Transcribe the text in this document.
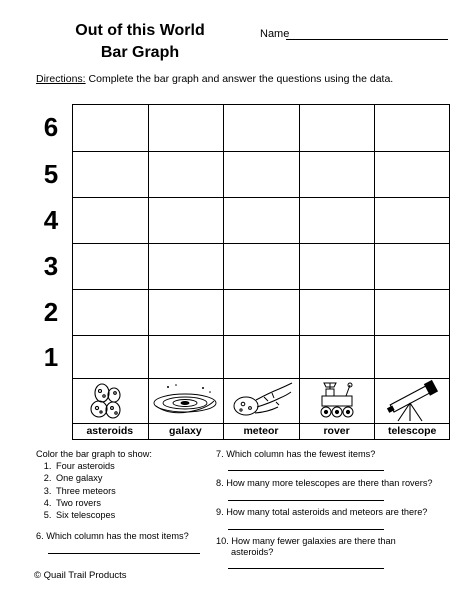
Out of this World
Bar Graph
Name
Directions: Complete the bar graph and answer the questions using the data.
6
5
4
3
2
1
asteroids	galaxy	meteor	rover	telescope
Color the bar graph to show:
1. Four asteroids
2. One galaxy
3. Three meteors
4. Two rovers
5. Six telescopes
6. Which column has the most items?
7. Which column has the fewest items?
8. How many more telescopes are there than rovers?
9. How many total asteroids and meteors are there?
10. How many fewer galaxies are there than
asteroids?
© Quail Trail Products
